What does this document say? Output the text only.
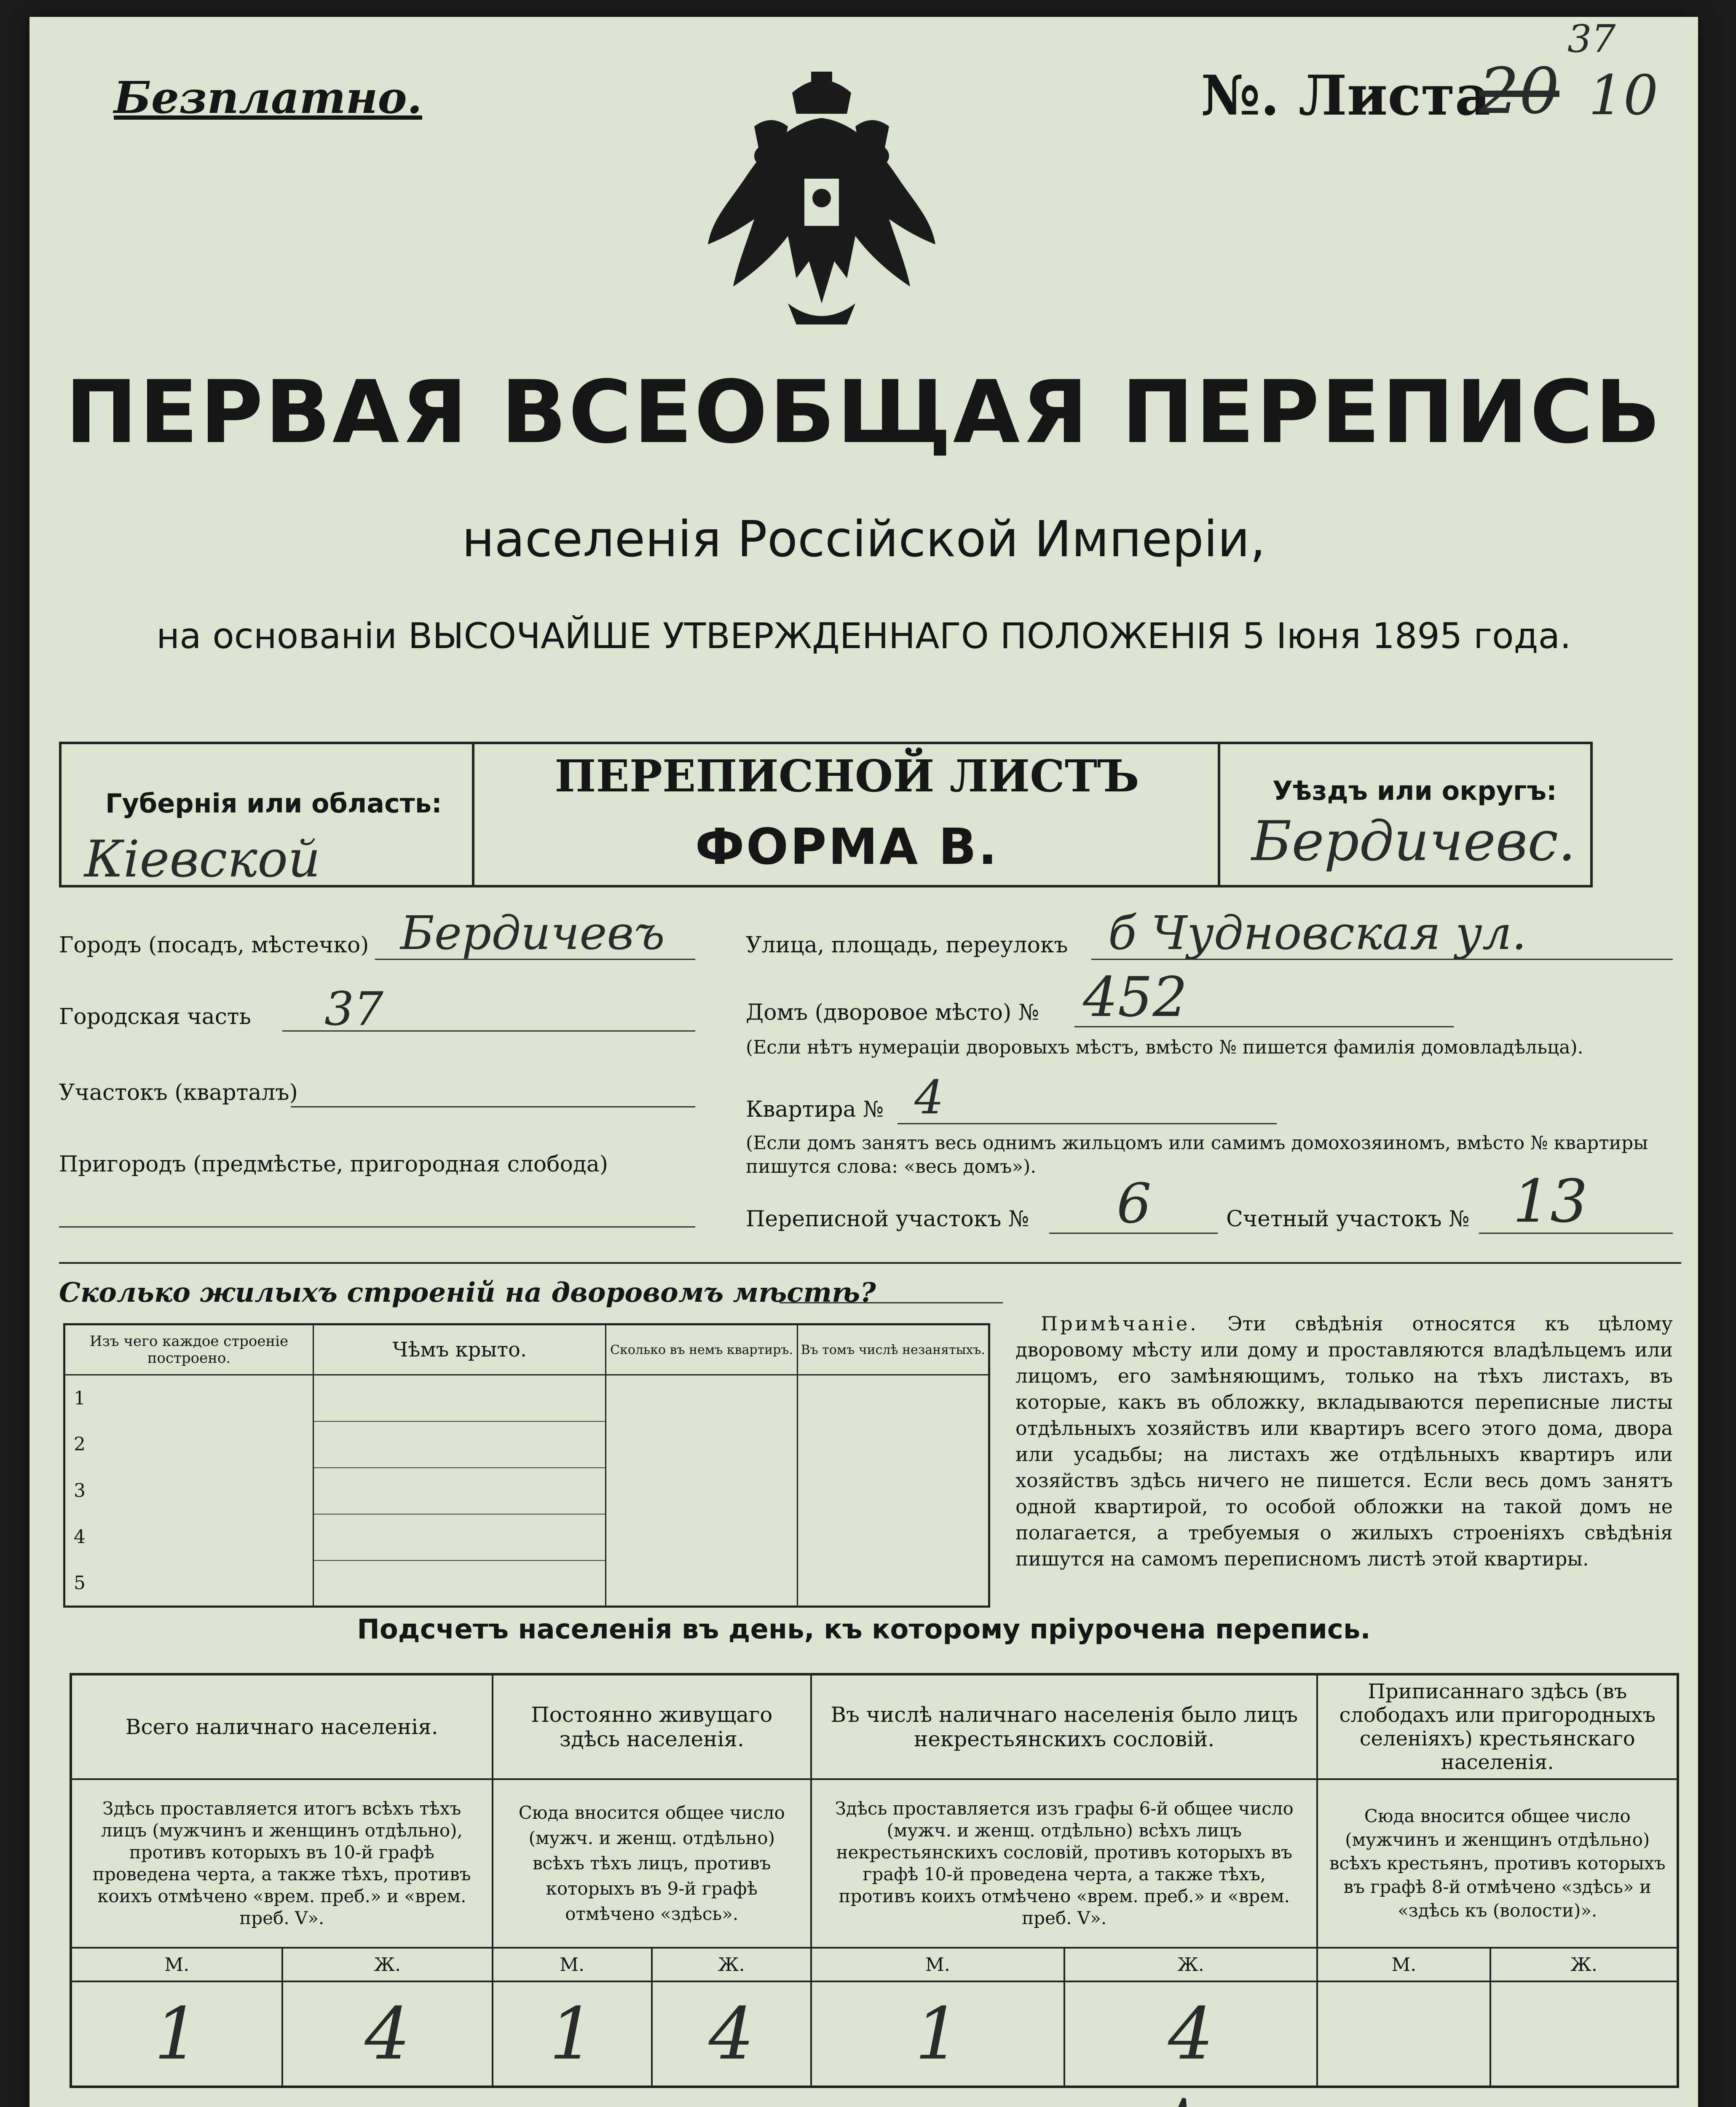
Безплатно.	№. Листа
20 10
37
ПЕРВАЯ ВСЕОБЩАЯ ПЕРЕПИСЬ
населенія Россійской Имперіи,
на основаніи ВЫСОЧАЙШЕ УТВЕРЖДЕННАГО ПОЛОЖЕНІЯ 5 Іюня 1895 года.
Губернія или область:
Кіевской
ПЕРЕПИСНОЙ ЛИСТЪ
ФОРМА В.
Уѣздъ или округъ:
Бердичевс.
Городъ (посадъ, мѣстечко) Бердичевъ
Городская часть 37
Участокъ (кварталъ)
Пригородъ (предмѣстье, пригородная слобода)
Улица, площадь, переулокъ б Чудновская ул.
Домъ (дворовое мѣсто) № 452
(Если нѣтъ нумераціи дворовыхъ мѣстъ, вмѣсто № пишется фамилія домовладѣльца).
Квартира № 4
(Если домъ занятъ весь однимъ жильцомъ или самимъ домохозяиномъ, вмѣсто № квартиры пишутся слова: «весь домъ»).
Переписной участокъ № 6	Счетный участокъ № 13
Сколько жилыхъ строеній на дворовомъ мѣстѣ?
Изъ чего каждое строеніе построено.	Чѣмъ крыто.	Сколько въ немъ квартиръ.	Въ томъ числѣ незанятыхъ.
1			
2			
3			
4			
5			
Примѣчаніе. Эти свѣдѣнія относятся къ цѣлому дворовому мѣсту или дому и проставляются владѣльцемъ или лицомъ, его замѣняющимъ, только на тѣхъ листахъ, въ которые, какъ въ обложку, вкладываются переписные листы отдѣльныхъ хозяйствъ или квартиръ всего этого дома, двора или усадьбы; на листахъ же отдѣльныхъ квартиръ или хозяйствъ здѣсь ничего не пишется. Если весь домъ занятъ одной квартирой, то особой обложки на такой домъ не полагается, а требуемыя о жилыхъ строеніяхъ свѣдѣнія пишутся на самомъ переписномъ листѣ этой квартиры.
Подсчетъ населенія въ день, къ которому пріурочена перепись.
Всего наличнаго населенія.		Постоянно живущаго здѣсь населенія.		Въ числѣ наличнаго населенія было лицъ некрестьянскихъ сословій.		Приписаннаго здѣсь (въ слободахъ или пригородныхъ селеніяхъ) крестьянскаго населенія.	
Здѣсь проставляется итогъ всѣхъ тѣхъ лицъ (мужчинъ и женщинъ отдѣльно), противъ которыхъ въ 10-й графѣ проведена черта, а также тѣхъ, противъ коихъ отмѣчено «врем. преб.» и «врем. преб. V».		Сюда вносится общее число (мужч. и женщ. отдѣльно) всѣхъ тѣхъ лицъ, противъ которыхъ въ 9-й графѣ отмѣчено «здѣсь».		Здѣсь проставляется изъ графы 6-й общее число (мужч. и женщ. отдѣльно) всѣхъ лицъ некрестьянскихъ сословій, противъ которыхъ въ графѣ 10-й проведена черта, а также тѣхъ, противъ коихъ отмѣчено «врем. преб.» и «врем. преб. V».		Сюда вносится общее число (мужчинъ и женщинъ отдѣльно) всѣхъ крестьянъ, противъ которыхъ въ графѣ 8-й отмѣчено «здѣсь» и «здѣсь къ (волости)».	
М.	Ж.	М.	Ж.	М.	Ж.	М.	Ж.
1	4	1	4	1	4		
